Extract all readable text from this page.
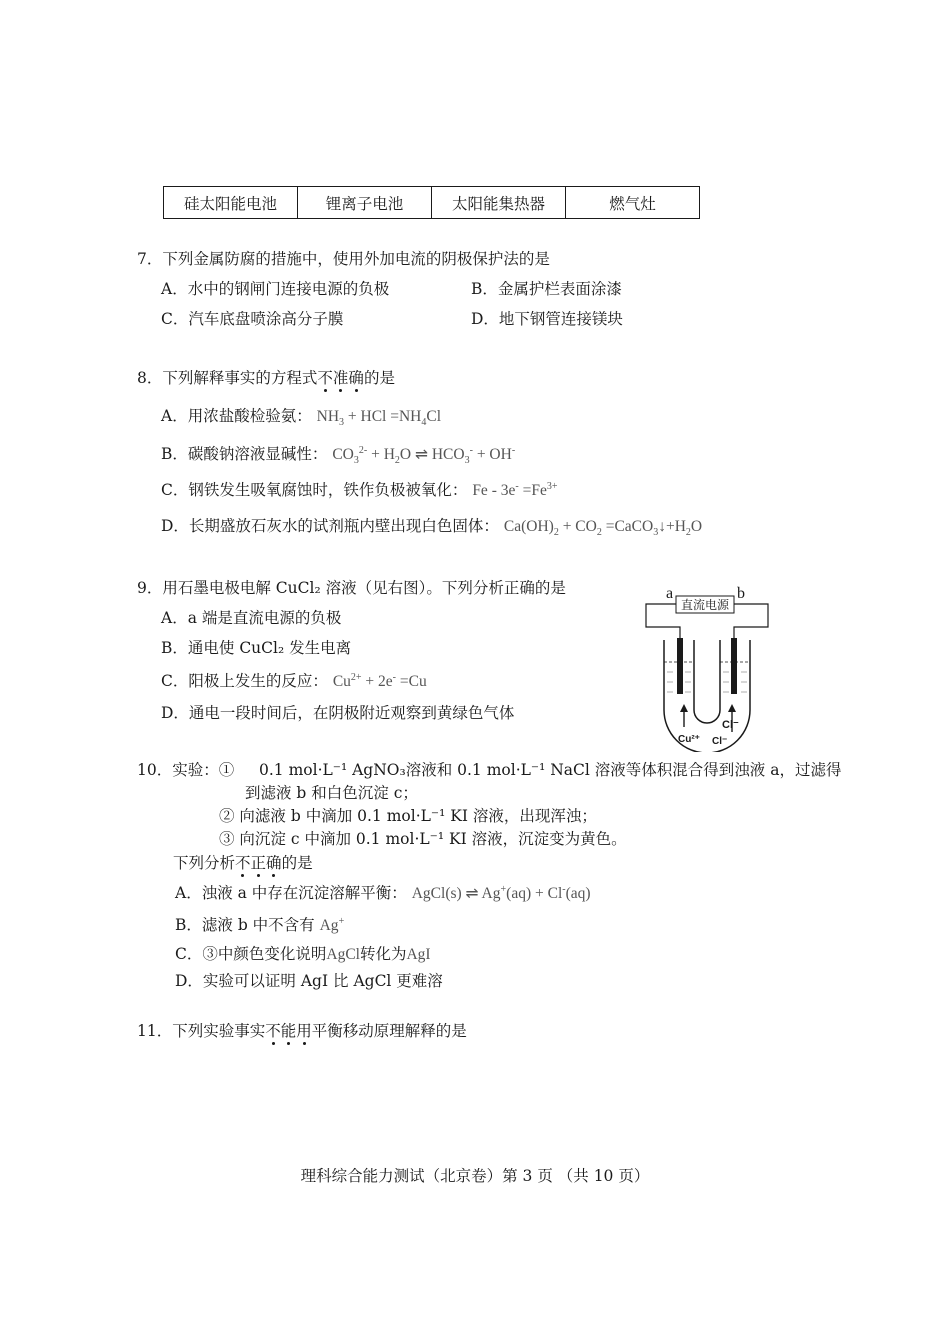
硅太阳能电池	锂离子电池	太阳能集热器	燃气灶
7．下列金属防腐的措施中，使用外加电流的阴极保护法的是
A．水中的钢闸门连接电源的负极	B．金属护栏表面涂漆
C．汽车底盘喷涂高分子膜	D．地下钢管连接镁块
8．下列解释事实的方程式不准确的是
A．用浓盐酸检验氨： $NH_3$ + HCl $=NH_4Cl$
B．碳酸钠溶液显碱性： $CO_3^{2-} + H_2O$ ⇌ $HCO_3^- + OH^-$
C．钢铁发生吸氧腐蚀时，铁作负极被氧化： $Fe - 3e^- =Fe^{3+}$
D．长期盛放石灰水的试剂瓶内壁出现白色固体： $Ca(OH)_2 + CO_2$ $=CaCO_3↓+H_2O$
9．用石墨电极电解 CuCl₂ 溶液（见右图）。下列分析正确的是
A．a 端是直流电源的负极
B．通电使 CuCl₂ 发生电离
C．阳极上发生的反应： $Cu^{2+} + 2e^- =Cu$
D．通电一段时间后，在阴极附近观察到黄绿色气体
a	b
直流电源
Cl⁻
Cu²⁺ Cl⁻
10．实验：① 0.1 mol·L⁻¹ AgNO₃溶液和 0.1 mol·L⁻¹ NaCl 溶液等体积混合得到浊液 a，过滤得
到滤液 b 和白色沉淀 c；
② 向滤液 b 中滴加 0.1 mol·L⁻¹ KI 溶液，出现浑浊；
③ 向沉淀 c 中滴加 0.1 mol·L⁻¹ KI 溶液，沉淀变为黄色。
下列分析不正确的是
A．浊液 a 中存在沉淀溶解平衡： AgCl(s) ⇌ Ag+(aq) + Cl-(aq)
B．滤液 b 中不含有 Ag+
C．③中颜色变化说明AgCl转化为AgI
D．实验可以证明 AgI 比 AgCl 更难溶
11．下列实验事实不能用平衡移动原理解释的是
理科综合能力测试（北京卷）第 3 页 （共 10 页）
